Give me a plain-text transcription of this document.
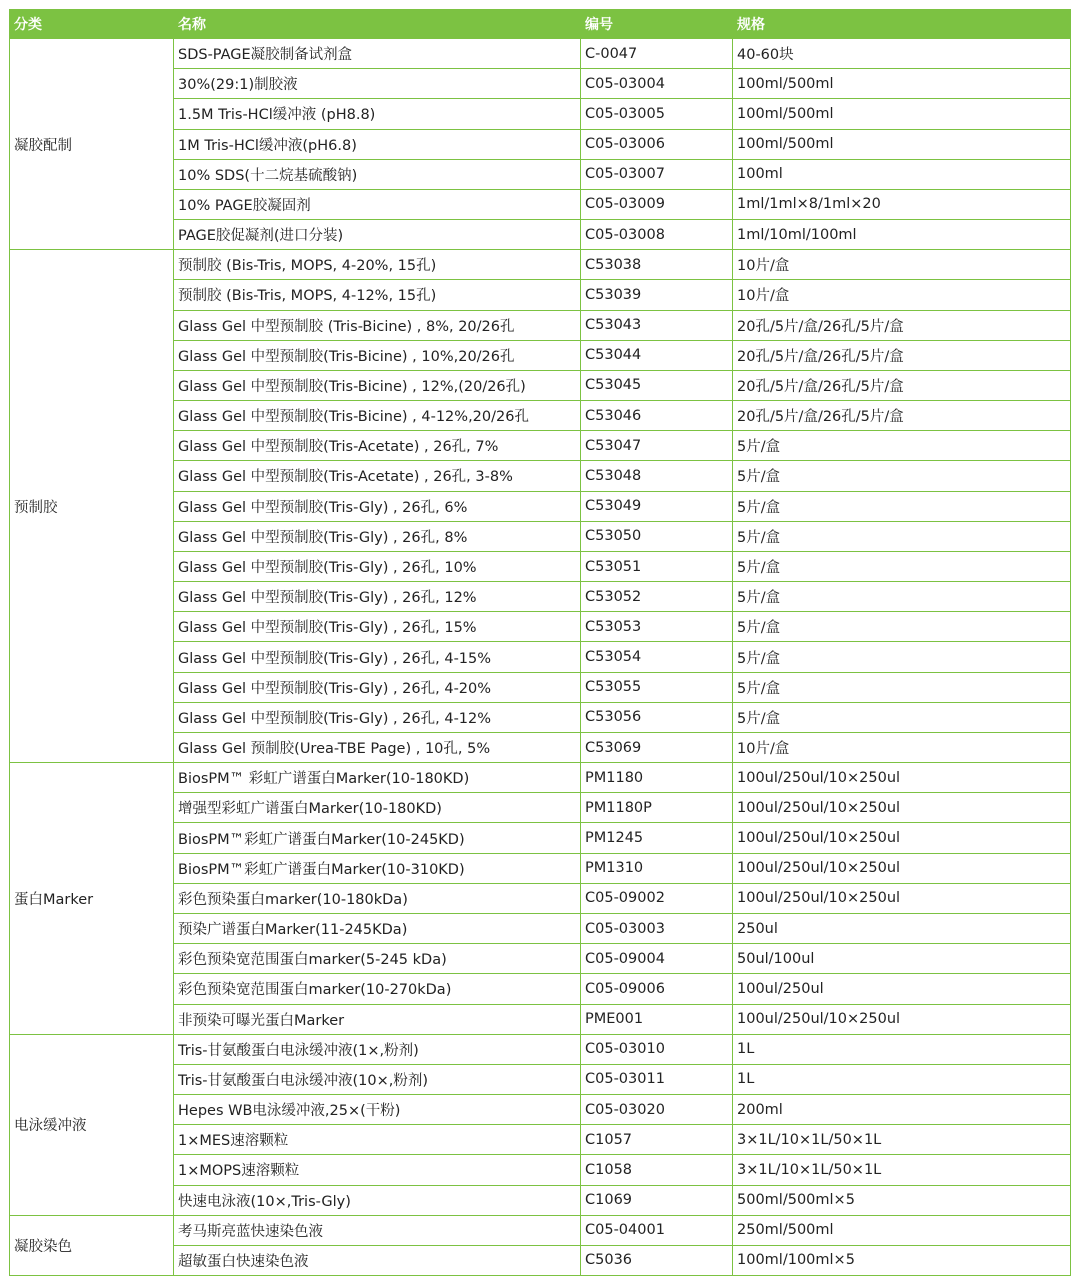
分类	名称	编号	规格
凝胶配制	SDS-PAGE凝胶制备试剂盒	C-0047	40-60块
	30%(29:1)制胶液	C05-03004	100ml/500ml
	1.5M Tris-HCl缓冲液 (pH8.8)	C05-03005	100ml/500ml
	1M Tris-HCl缓冲液(pH6.8)	C05-03006	100ml/500ml
	10% SDS(十二烷基硫酸钠)	C05-03007	100ml
	10% PAGE胶凝固剂	C05-03009	1ml/1ml×8/1ml×20
	PAGE胶促凝剂(进口分装)	C05-03008	1ml/10ml/100ml
预制胶	预制胶 (Bis-Tris, MOPS, 4-20%, 15孔)	C53038	10片/盒
	预制胶 (Bis-Tris, MOPS, 4-12%, 15孔)	C53039	10片/盒
	Glass Gel 中型预制胶 (Tris-Bicine) , 8%, 20/26孔	C53043	20孔/5片/盒/26孔/5片/盒
	Glass Gel 中型预制胶(Tris-Bicine) , 10%,20/26孔	C53044	20孔/5片/盒/26孔/5片/盒
	Glass Gel 中型预制胶(Tris-Bicine) , 12%,(20/26孔)	C53045	20孔/5片/盒/26孔/5片/盒
	Glass Gel 中型预制胶(Tris-Bicine) , 4-12%,20/26孔	C53046	20孔/5片/盒/26孔/5片/盒
	Glass Gel 中型预制胶(Tris-Acetate) , 26孔, 7%	C53047	5片/盒
	Glass Gel 中型预制胶(Tris-Acetate) , 26孔, 3-8%	C53048	5片/盒
	Glass Gel 中型预制胶(Tris-Gly) , 26孔, 6%	C53049	5片/盒
	Glass Gel 中型预制胶(Tris-Gly) , 26孔, 8%	C53050	5片/盒
	Glass Gel 中型预制胶(Tris-Gly) , 26孔, 10%	C53051	5片/盒
	Glass Gel 中型预制胶(Tris-Gly) , 26孔, 12%	C53052	5片/盒
	Glass Gel 中型预制胶(Tris-Gly) , 26孔, 15%	C53053	5片/盒
	Glass Gel 中型预制胶(Tris-Gly) , 26孔, 4-15%	C53054	5片/盒
	Glass Gel 中型预制胶(Tris-Gly) , 26孔, 4-20%	C53055	5片/盒
	Glass Gel 中型预制胶(Tris-Gly) , 26孔, 4-12%	C53056	5片/盒
	Glass Gel 预制胶(Urea-TBE Page) , 10孔, 5%	C53069	10片/盒
蛋白Marker	BiosPM™ 彩虹广谱蛋白Marker(10-180KD)	PM1180	100ul/250ul/10×250ul
	增强型彩虹广谱蛋白Marker(10-180KD)	PM1180P	100ul/250ul/10×250ul
	BiosPM™彩虹广谱蛋白Marker(10-245KD)	PM1245	100ul/250ul/10×250ul
	BiosPM™彩虹广谱蛋白Marker(10-310KD)	PM1310	100ul/250ul/10×250ul
	彩色预染蛋白marker(10-180kDa)	C05-09002	100ul/250ul/10×250ul
	预染广谱蛋白Marker(11-245KDa)	C05-03003	250ul
	彩色预染宽范围蛋白marker(5-245 kDa)	C05-09004	50ul/100ul
	彩色预染宽范围蛋白marker(10-270kDa)	C05-09006	100ul/250ul
	非预染可曝光蛋白Marker	PME001	100ul/250ul/10×250ul
电泳缓冲液	Tris-甘氨酸蛋白电泳缓冲液(1×,粉剂)	C05-03010	1L
	Tris-甘氨酸蛋白电泳缓冲液(10×,粉剂)	C05-03011	1L
	Hepes WB电泳缓冲液,25×(干粉)	C05-03020	200ml
	1×MES速溶颗粒	C1057	3×1L/10×1L/50×1L
	1×MOPS速溶颗粒	C1058	3×1L/10×1L/50×1L
	快速电泳液(10×,Tris-Gly)	C1069	500ml/500ml×5
凝胶染色	考马斯亮蓝快速染色液	C05-04001	250ml/500ml
	超敏蛋白快速染色液	C5036	100ml/100ml×5
